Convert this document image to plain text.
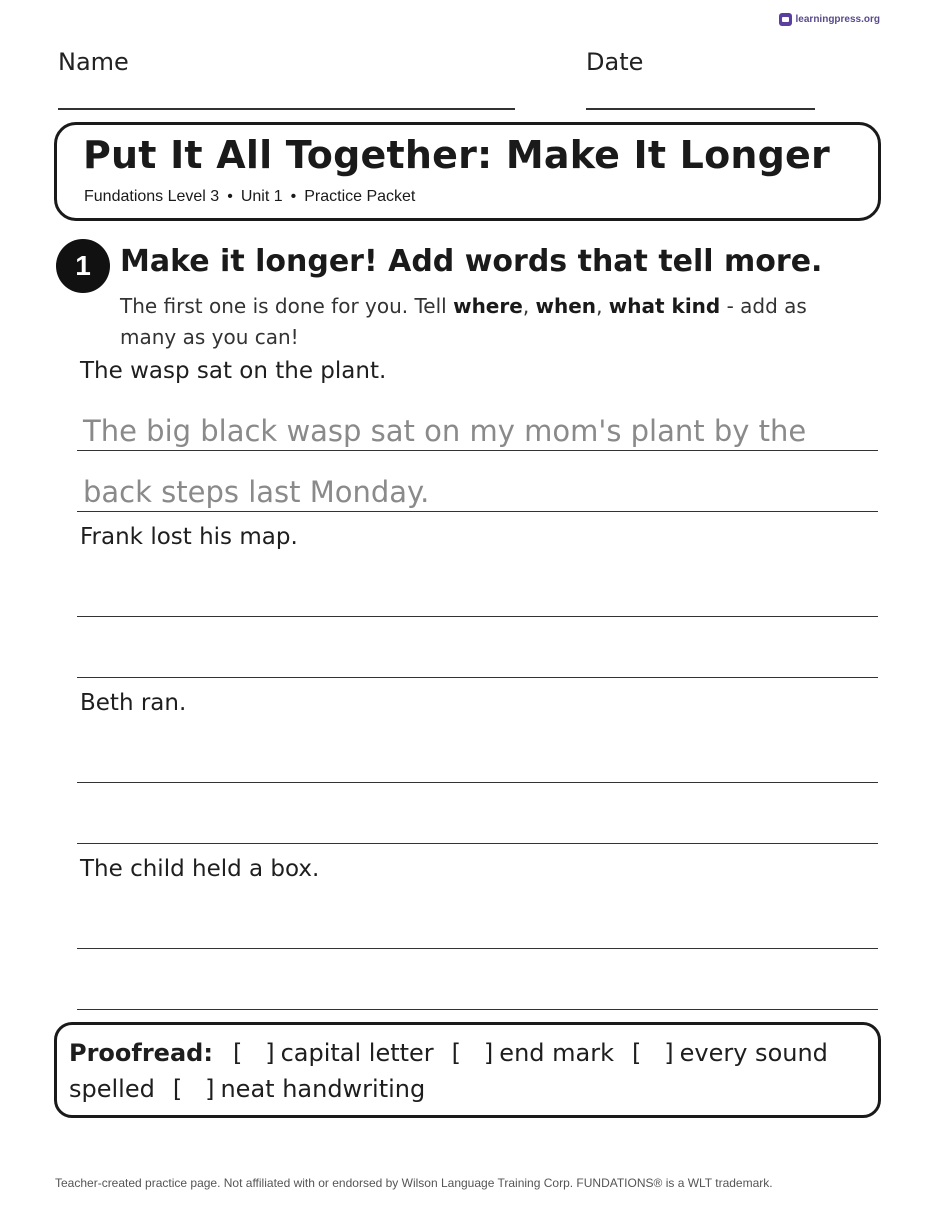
learningpress.org
Name	Date
Put It All Together: Make It Longer
Fundations Level 3 • Unit 1 • Practice Packet
1 Make it longer! Add words that tell more.
The first one is done for you. Tell where, when, what kind - add as many as you can!
The wasp sat on the plant.
The big black wasp sat on my mom's plant by the
back steps last Monday.
Frank lost his map.
Beth ran.
The child held a box.
Proofread: [   ] capital letter [   ] end mark [   ] every sound spelled [   ] neat handwriting
Teacher-created practice page. Not affiliated with or endorsed by Wilson Language Training Corp. FUNDATIONS® is a WLT trademark.
